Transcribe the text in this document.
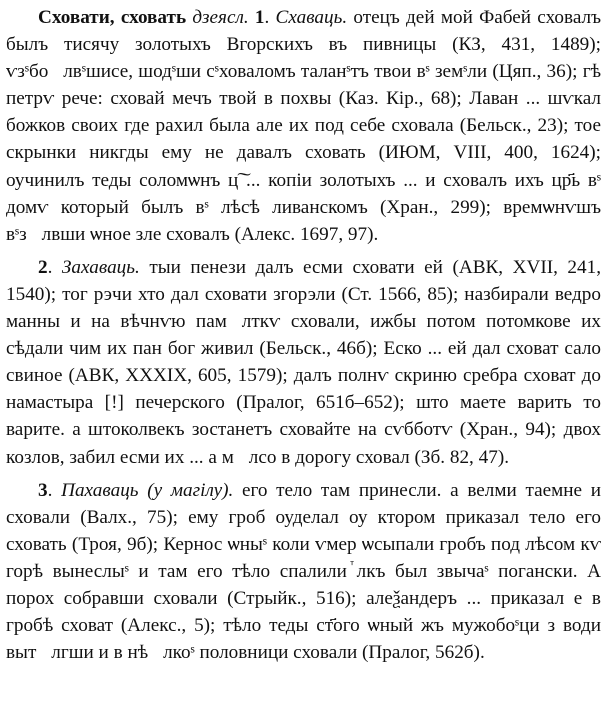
Сховати, сховать дзеясл. 1. Схаваць. отецъ дей мой Фабей сховалъ былъ тисячу золотыхъ Вгорскихъ въ пивницы (КЗ, 431, 1489); ѵзˢбоⷮлвˢшисе, шодˢши сˢховаломъ таланˢтъ твои вˢ земˢли (Цяп., 36); гѣ петрѵ рече: сховай мечъ твой в похвы (Каз. Кір., 68); Лаван ... шѵкал божков своих где рахил была але их под себе сховала (Бельск., 23); тое скрынки никгды ему не давалъ сховать (ИЮМ, VIII, 400, 1624); оучинилъ теды соломѡнъ ц͠ ... копіи золотыхъ ... и сховалъ ихъ цр҃ь вˢ домѵ который былъ вˢ лѣсѣ ливанскомъ (Хран., 299); времѡнѵшъ вˢзⷮлвши ѡное зле сховалъ (Алекс. 1697, 97).

2. Захаваць. тыи пенези далъ есми сховати ей (АВК, XVII, 241, 1540); тог рэчи хто дал сховати згорэли (Ст. 1566, 85); назбирали ведро манны и на вѣчнѵю памⷮлткѵ сховали, ижбы потом потомкове их сѣдали чим их пан бог живил (Бельск., 46б); Еско ... ей дал сховат сало свиное (АВК, XXXIX, 605, 1579); далъ полнѵ скриню сребра сховат до намастыра [!] печерского (Пралог, 651б–652); што маете варить то варите. а штоколвекъ зостанетъ сховайте на сѵбботѵ (Хран., 94); двох козлов, забил есми их ... а мⷮлсо в дорогу сховал (Зб. 82, 47).

3. Пахаваць (у магілу). его тело там принесли. а велми таемне и сховали (Валх., 75); ему гроб оуделал оу ктором приказал тело его сховать (Троя, 9б); Кернос ѡныˢ коли ѵмер ѡсыпали гробъ под лѣсом кѵ горѣ вынеслыˢ и там его тѣло спалили ⷮлкъ был звычаˢ погански. А порох собравши сховали (Стрыйк., 516); алеѯандеръ ... приказал е в гробѣ сховат (Алекс., 5); тѣло теды ст҃ого ѡный жъ мужобоˢци з води вытⷮлгши и в нѣⷮлкоˢ половници сховали (Пралог, 562б).
